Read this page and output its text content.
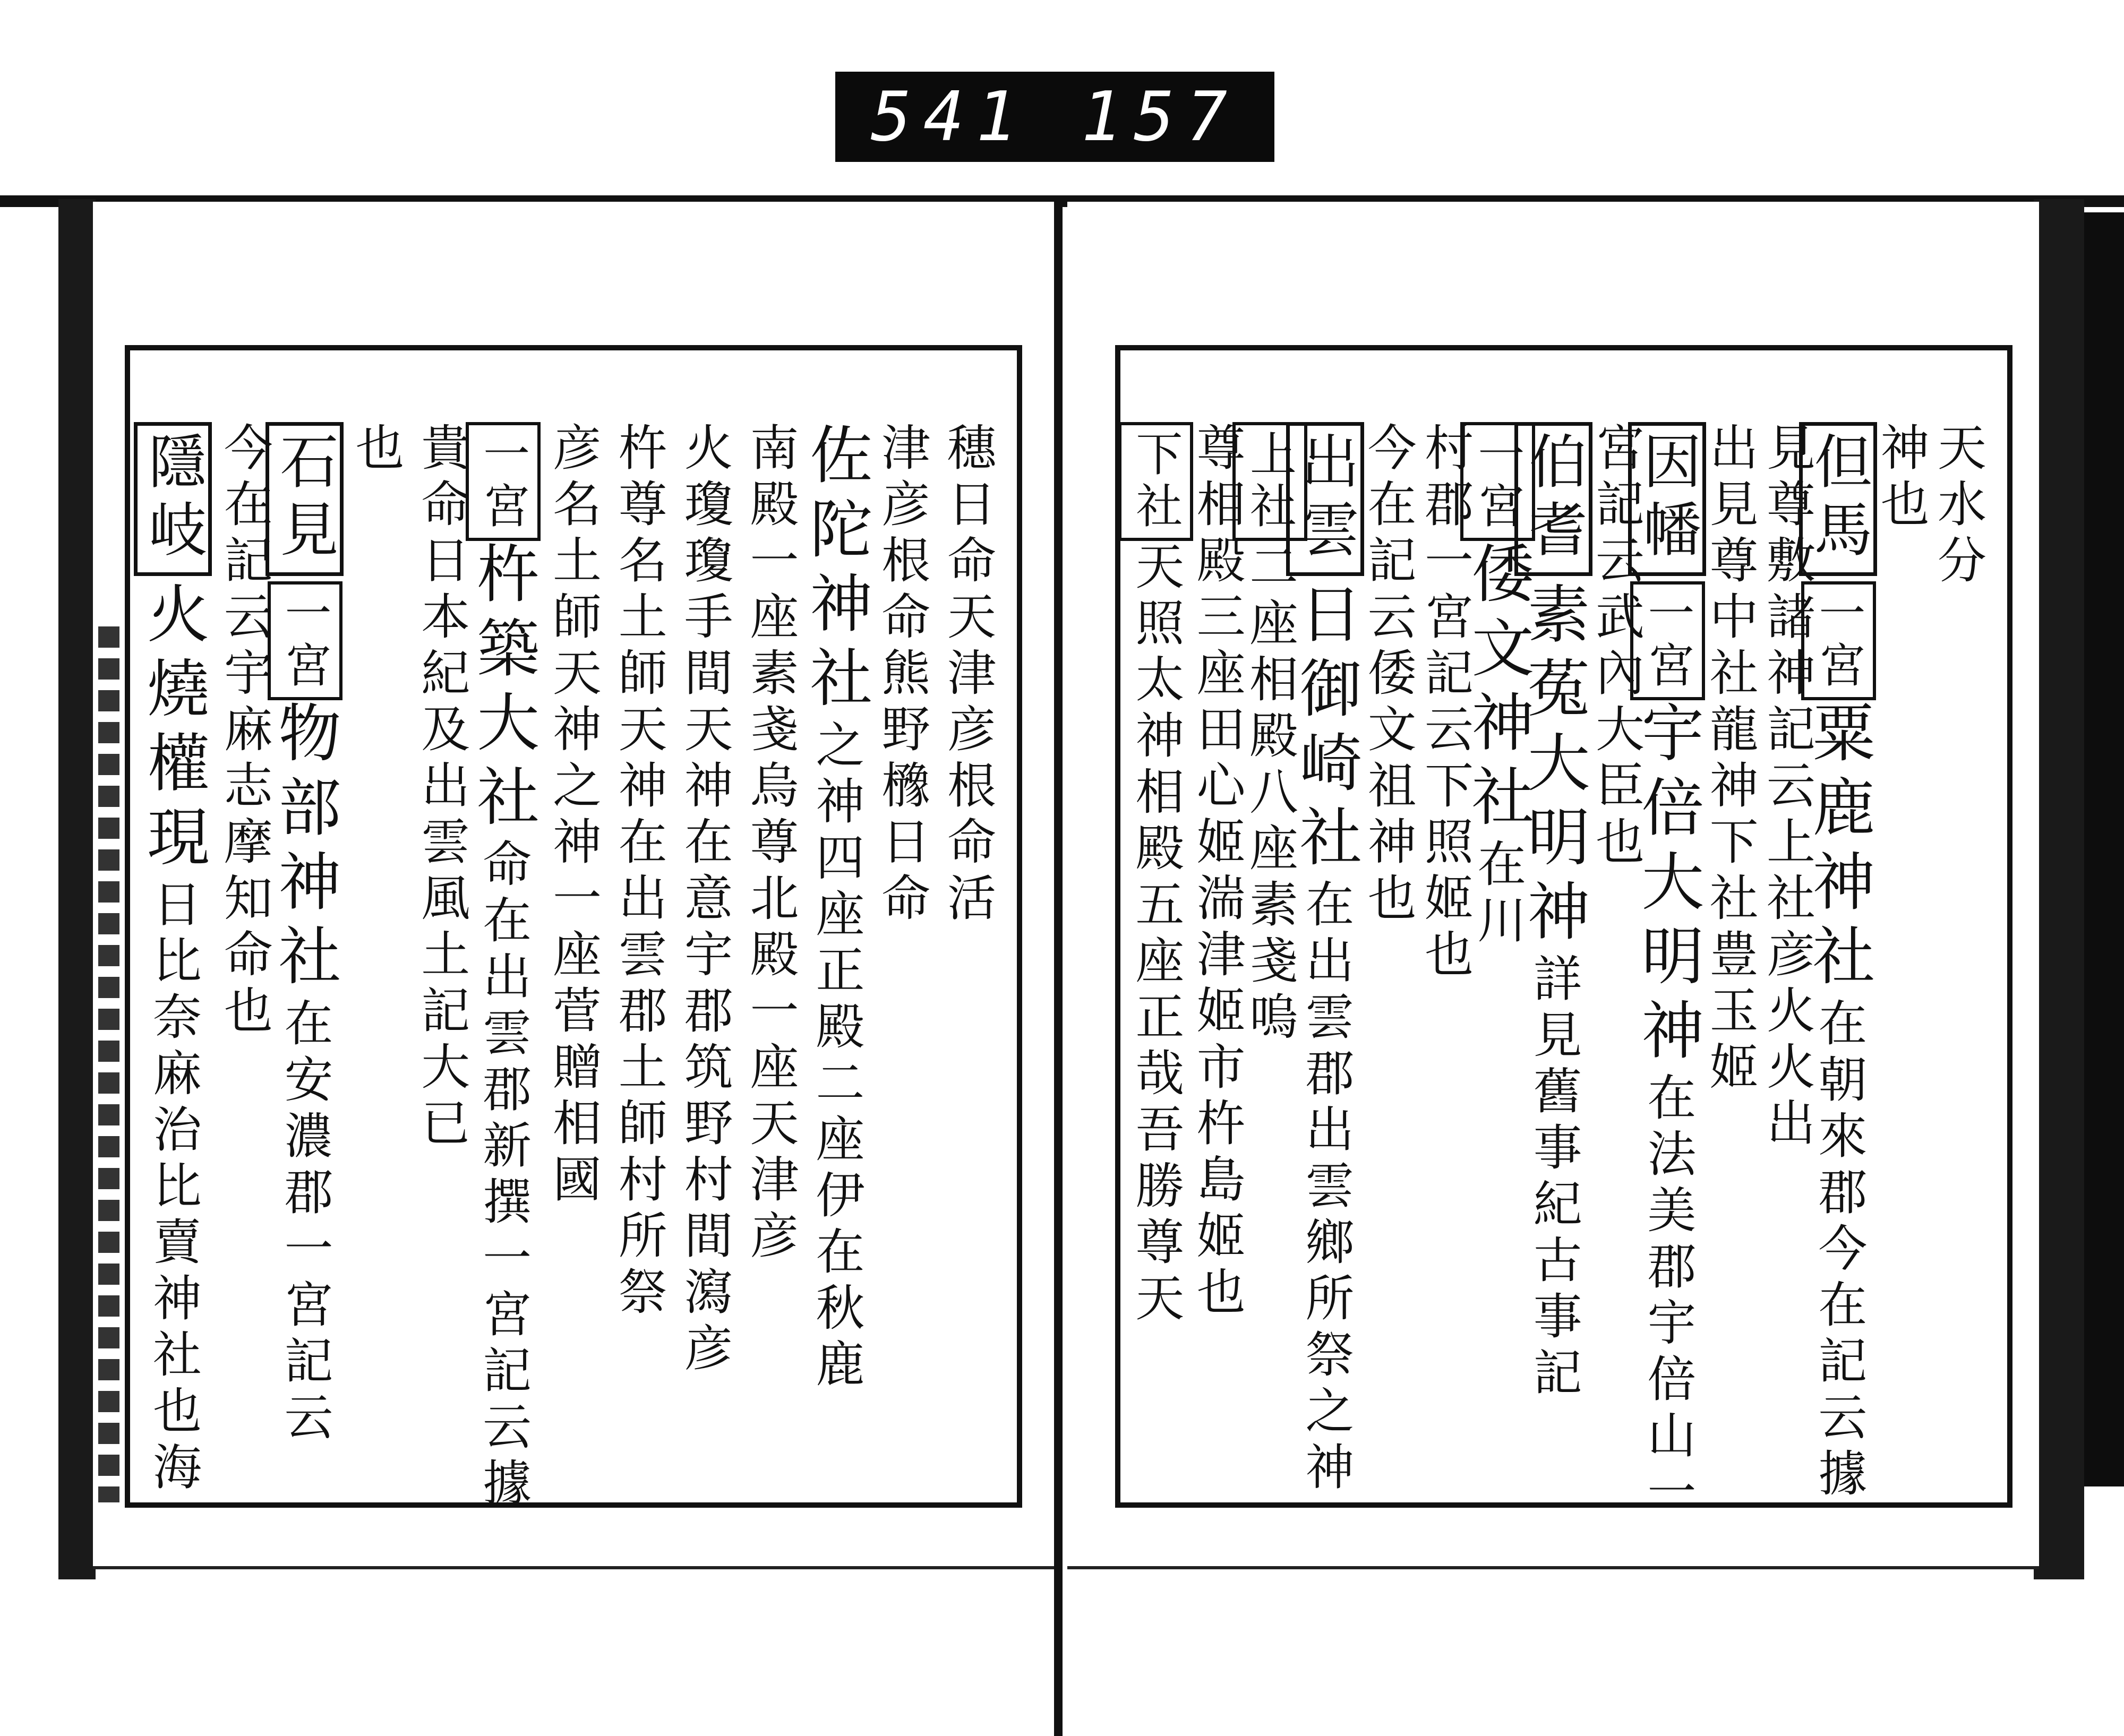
541 157
穗日命天津彦根命活
津彦根命熊野櫲日命
佐陀神社之神四座正殿二座伊在秋鹿
南殿一座素戔烏尊北殿一座天津彦
火瓊瓊手間天神在意宇郡筑野村間瀉彦
杵尊名土師天神在出雲郡土師村所祭
彦名土師天神之神一座菅贈相國
一宮杵築大社命在出雲郡新撰一宮記云據
貴命日本紀及出雲風土記大已
也
石見一宮物部神社在安濃郡一宮記云
今在記云宇麻志摩知命也
隱岐火燒權現日比奈麻治比賣神社也海
天水分
神也
但馬一宮粟鹿神社在朝來郡今在記云據
見尊敷諸神記云上社彦火火出
出見尊中社龍神下社豊玉姬
因幡一宮宇倍大明神在法美郡宇倍山一
宮記云武內大臣也
伯耆素菟大明神詳見舊事紀古事記
一宮倭文神社在川
村郡一宮記云下照姬也
今在記云倭文祖神也
出雲日御崎社在出雲郡出雲鄉所祭之神
上社二座相殿八座素戔嗚
尊相殿三座田心姬湍津姬市杵島姬也
下社天照太神相殿五座正哉吾勝尊天
